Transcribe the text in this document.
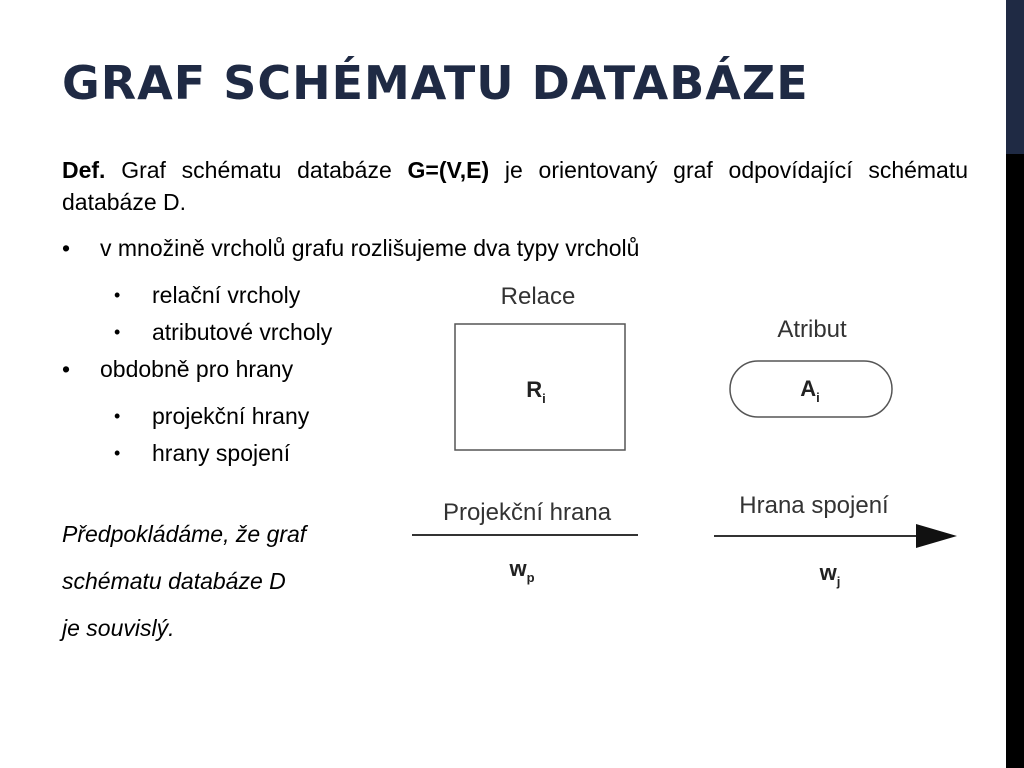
GRAF SCHÉMATU DATABÁZE

Def. Graf schématu databáze G=(V,E) je orientovaný graf odpovídající schématu databáze D.

• v množině vrcholů grafu rozlišujeme dva typy vrcholů
• relační vrcholy
• atributové vrcholy
• obdobně pro hrany
• projekční hrany
• hrany spojení
Předpokládáme, že graf
schématu databáze D
je souvislý.
Relace
$R_i$
Atribut
$A_i$
Projekční hrana
$w_p$
Hrana spojení
$w_j$
